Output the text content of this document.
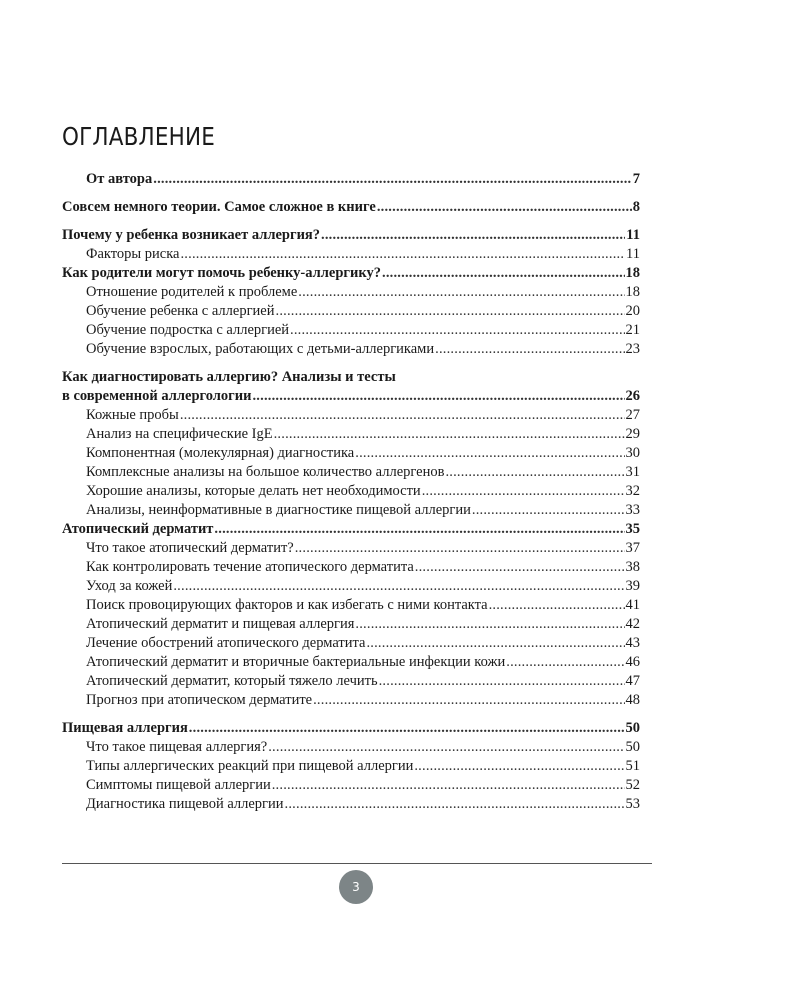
ОГЛАВЛЕНИЕ
От автора .....	7
Совсем немного теории. Самое сложное в книге .....	8
Почему у ребенка возникает аллергия? .....	11
Факторы риска .....	11
Как родители могут помочь ребенку-аллергику? .....	18
Отношение родителей к проблеме .....	18
Обучение ребенка с аллергией .....	20
Обучение подростка с аллергией .....	21
Обучение взрослых, работающих с детьми-аллергиками .....	23
Как диагностировать аллергию? Анализы и тесты
в современной аллергологии .....	26
Кожные пробы .....	27
Анализ на специфические IgE .....	29
Компонентная (молекулярная) диагностика .....	30
Комплексные анализы на большое количество аллергенов .....	31
Хорошие анализы, которые делать нет необходимости .....	32
Анализы, неинформативные в диагностике пищевой аллергии .....	33
Атопический дерматит .....	35
Что такое атопический дерматит? .....	37
Как контролировать течение атопического дерматита .....	38
Уход за кожей .....	39
Поиск провоцирующих факторов и как избегать с ними контакта .....	41
Атопический дерматит и пищевая аллергия .....	42
Лечение обострений атопического дерматита .....	43
Атопический дерматит и вторичные бактериальные инфекции кожи .....	46
Атопический дерматит, который тяжело лечить .....	47
Прогноз при атопическом дерматите .....	48
Пищевая аллергия .....	50
Что такое пищевая аллергия? .....	50
Типы аллергических реакций при пищевой аллергии .....	51
Симптомы пищевой аллергии .....	52
Диагностика пищевой аллергии .....	53
3
